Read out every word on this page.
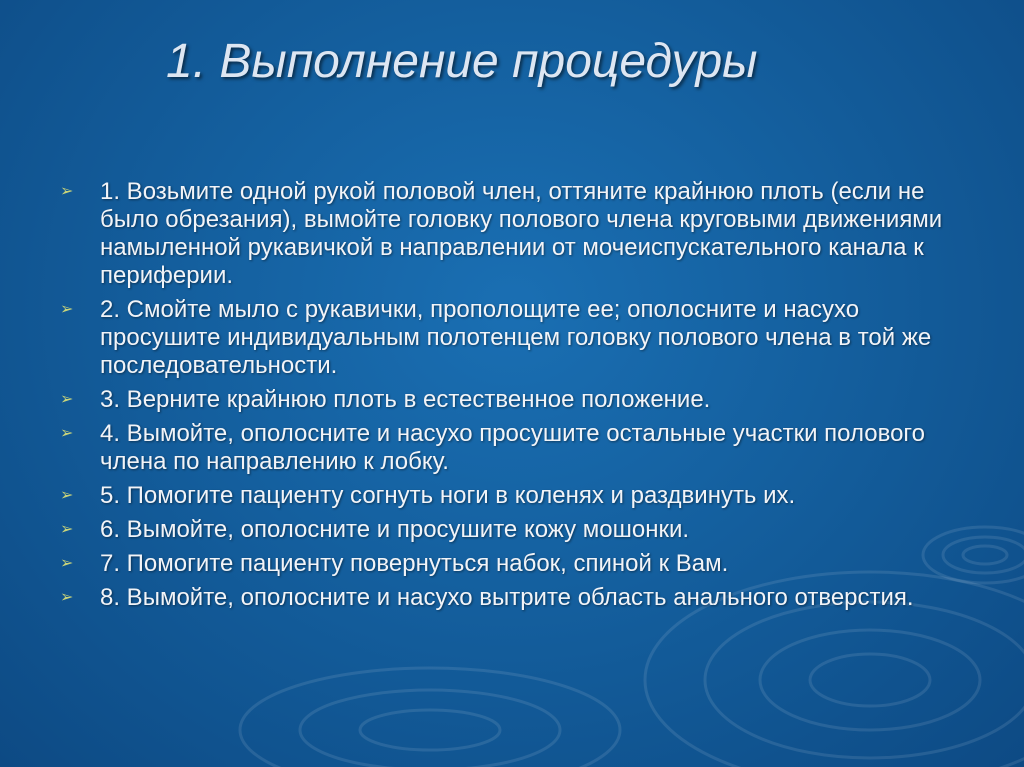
1. Выполнение процедуры
➢	1. Возьмите одной рукой половой член, оттяните крайнюю плоть (если не было обрезания), вымойте головку полового члена круговыми движениями намыленной рукавичкой в направлении от мочеиспускательного канала к периферии.
➢	2. Смойте мыло с рукавички, прополощите ее; ополосните и насухо просушите индивидуальным полотенцем головку полового члена в той же последовательности.
➢	3. Верните крайнюю плоть в естественное положение.
➢	4. Вымойте, ополосните и насухо просушите остальные участки полового члена по направлению к лобку.
➢	5. Помогите пациенту согнуть ноги в коленях и раздвинуть их.
➢	6. Вымойте, ополосните и просушите кожу мошонки.
➢	7. Помогите пациенту повернуться набок, спиной к Вам.
➢	8. Вымойте, ополосните и насухо вытрите область анального отверстия.
